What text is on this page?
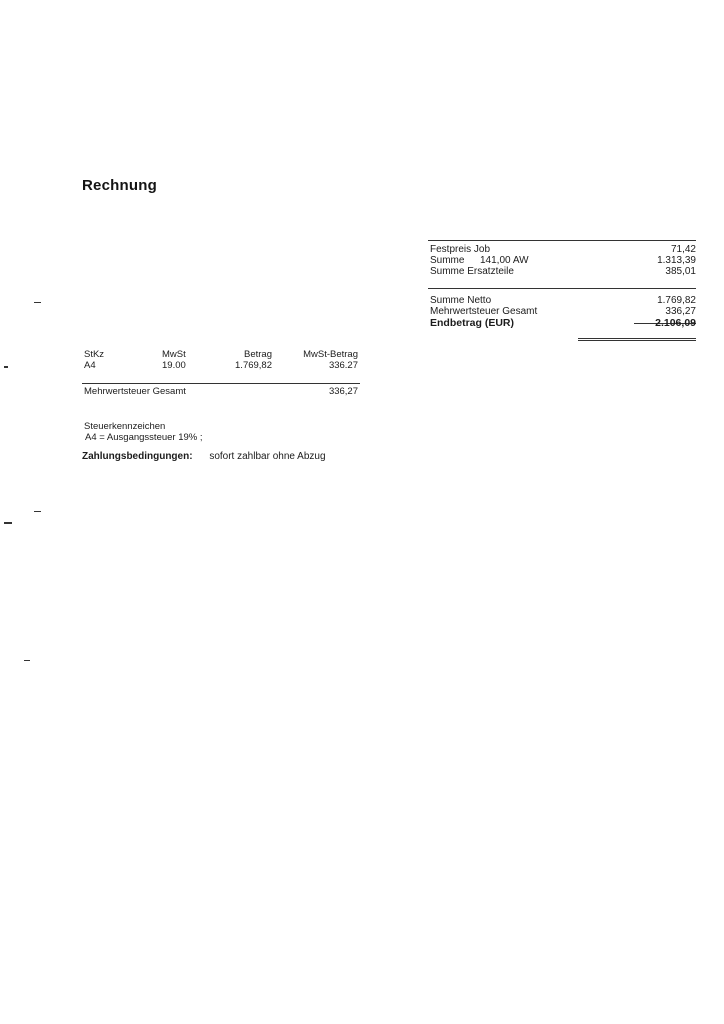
Rechnung
Festpreis Job	71,42
Summe 141,00 AW	1.313,39
Summe Ersatzteile	385,01
Summe Netto	1.769,82
Mehrwertsteuer Gesamt	336,27
Endbetrag (EUR)	2.106,09
StKz	MwSt	Betrag	MwSt-Betrag
A4	19.00	1.769,82	336.27
Mehrwertsteuer Gesamt	336,27
Steuerkennzeichen
A4 = Ausgangssteuer 19% ;
Zahlungsbedingungen: sofort zahlbar ohne Abzug
